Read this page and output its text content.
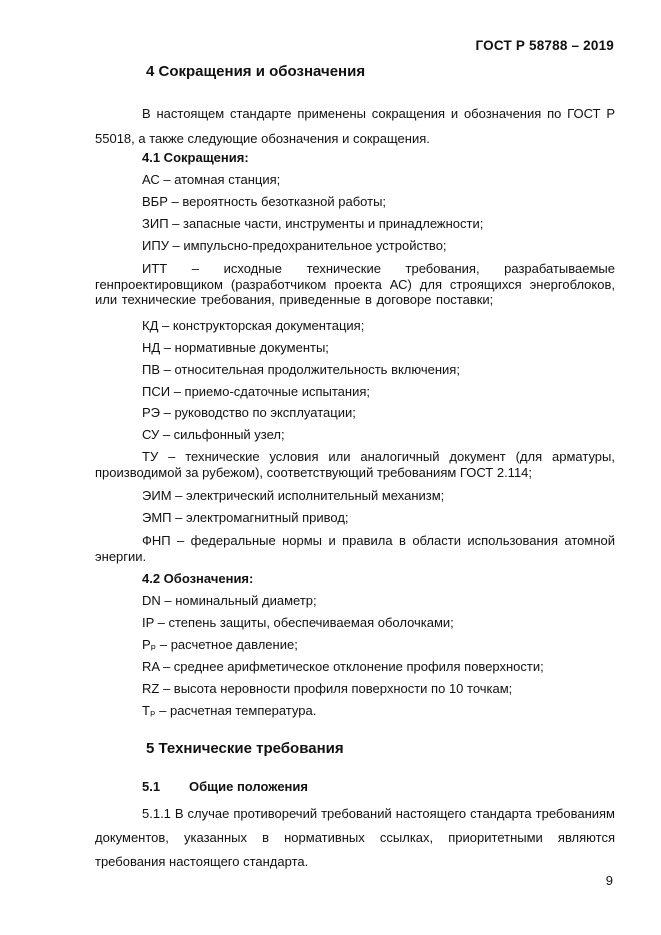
ГОСТ Р 58788 – 2019
4 Сокращения и обозначения
В настоящем стандарте применены сокращения и обозначения по ГОСТ Р 55018, а также следующие обозначения и сокращения.
4.1 Сокращения:
АС – атомная станция;
ВБР – вероятность безотказной работы;
ЗИП – запасные части, инструменты и принадлежности;
ИПУ – импульсно-предохранительное устройство;
ИТТ – исходные технические требования, разрабатываемые генпроектировщиком (разработчиком проекта АС) для строящихся энергоблоков, или технические требования, приведенные в договоре поставки;
КД – конструкторская документация;
НД – нормативные документы;
ПВ – относительная продолжительность включения;
ПСИ – приемо-сдаточные испытания;
РЭ – руководство по эксплуатации;
СУ – сильфонный узел;
ТУ – технические условия или аналогичный документ (для арматуры, производимой за рубежом), соответствующий требованиям ГОСТ 2.114;
ЭИМ – электрический исполнительный механизм;
ЭМП – электромагнитный привод;
ФНП – федеральные нормы и правила в области использования атомной энергии.
4.2 Обозначения:
DN – номинальный диаметр;
IP – степень защиты, обеспечиваемая оболочками;
Pₚ – расчетное давление;
RA – среднее арифметическое отклонение профиля поверхности;
RZ – высота неровности профиля поверхности по 10 точкам;
Tₚ – расчетная температура.
5 Технические требования
5.1 Общие положения
5.1.1 В случае противоречий требований настоящего стандарта требованиям документов, указанных в нормативных ссылках, приоритетными являются требования настоящего стандарта.
9
